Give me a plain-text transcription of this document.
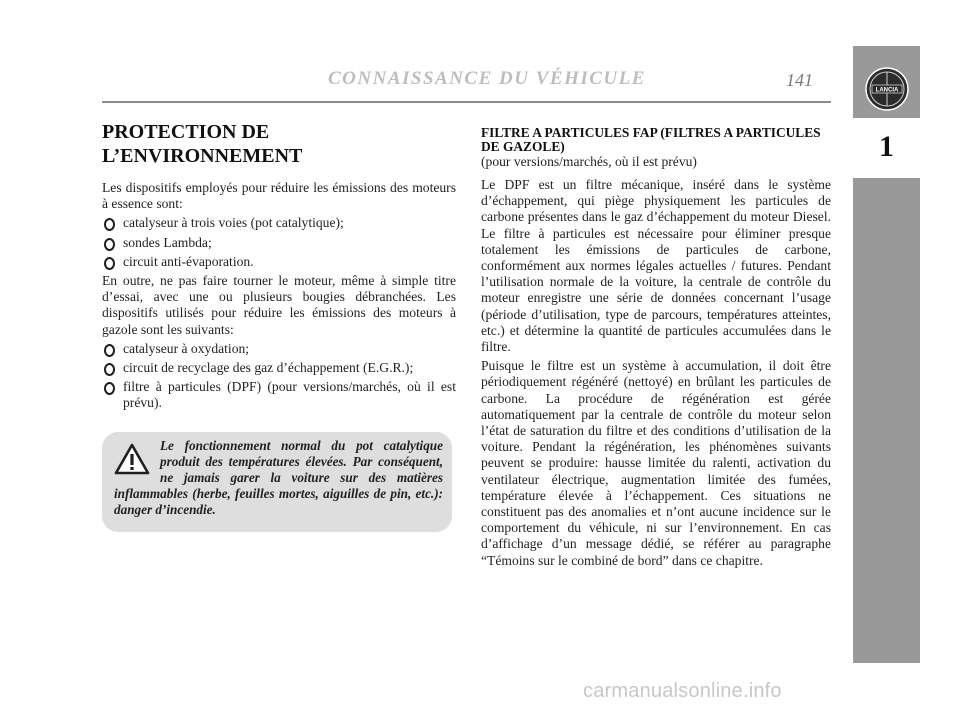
CONNAISSANCE DU VÉHICULE	141
1
LANCIA
PROTECTION DE
L’ENVIRONNEMENT

Les dispositifs employés pour réduire les émissions des moteurs à essence sont:

catalyseur à trois voies (pot catalytique);
sondes Lambda;
circuit anti-évaporation.

En outre, ne pas faire tourner le moteur, même à simple titre d’essai, avec une ou plusieurs bougies débranchées. Les dispositifs utilisés pour réduire les émissions des moteurs à gazole sont les suivants:

catalyseur à oxydation;
circuit de recyclage des gaz d’échappement (E.G.R.);
filtre à particules (DPF) (pour versions/marchés, où il est prévu).
Le fonctionnement normal du pot catalytique produit des températures élevées. Par conséquent, ne jamais garer la voiture sur des matières inflammables (herbe, feuilles mortes, aiguilles de pin, etc.): danger d’incendie.
FILTRE A PARTICULES FAP (FILTRES A PARTICULES DE GAZOLE)

(pour versions/marchés, où il est prévu)

Le DPF est un filtre mécanique, inséré dans le système d’échappement, qui piège physiquement les particules de carbone présentes dans le gaz d’échappement du moteur Diesel. Le filtre à particules est nécessaire pour éliminer presque totalement les émissions de particules de carbone, conformément aux normes légales actuelles / futures. Pendant l’utilisation normale de la voiture, la centrale de contrôle du moteur enregistre une série de données concernant l’usage (période d’utilisation, type de parcours, températures atteintes, etc.) et détermine la quantité de particules accumulées dans le filtre.

Puisque le filtre est un système à accumulation, il doit être périodiquement régénéré (nettoyé) en brûlant les particules de carbone. La procédure de régénération est gérée automatiquement par la centrale de contrôle du moteur selon l’état de saturation du filtre et des conditions d’utilisation de la voiture. Pendant la régénération, les phénomènes suivants peuvent se produire: hausse limitée du ralenti, activation du ventilateur électrique, augmentation limitée des fumées, température élevée à l’échappement. Ces situations ne constituent pas des anomalies et n’ont aucune incidence sur le comportement du véhicule, ni sur l’environnement. En cas d’affichage d’un message dédié, se référer au paragraphe “Témoins sur le combiné de bord” dans ce chapitre.

carmanualsonline.info
